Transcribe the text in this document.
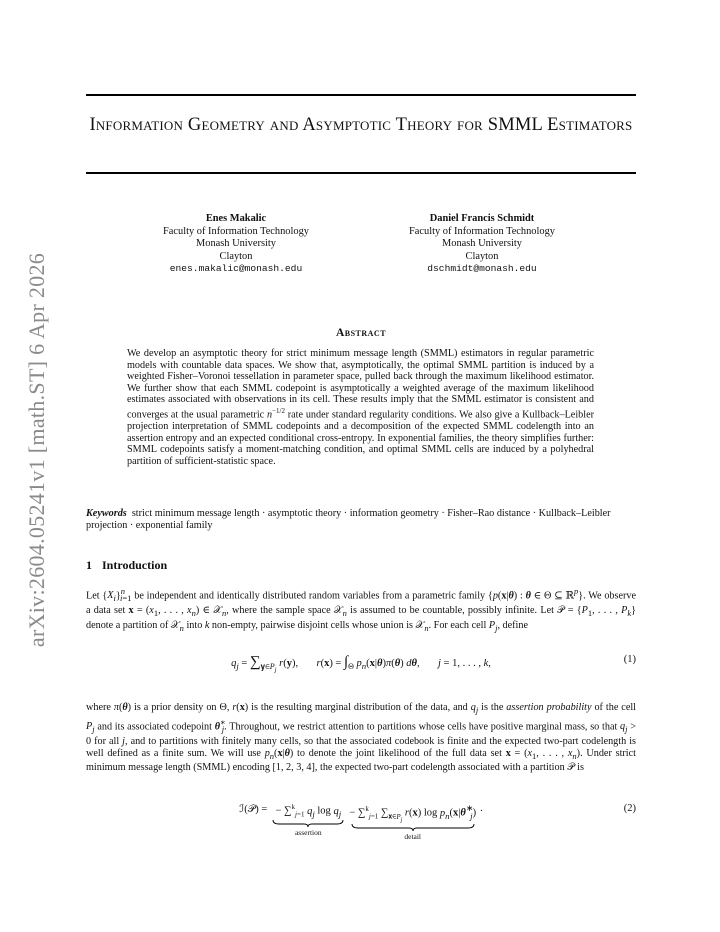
arXiv:2604.05241v1 [math.ST] 6 Apr 2026
Information Geometry and Asymptotic Theory for SMML Estimators
Enes Makalic
Faculty of Information Technology
Monash University
Clayton
enes.makalic@monash.edu
Daniel Francis Schmidt
Faculty of Information Technology
Monash University
Clayton
dschmidt@monash.edu
Abstract
We develop an asymptotic theory for strict minimum message length (SMML) estimators in regular parametric models with countable data spaces. We show that, asymptotically, the optimal SMML partition is induced by a weighted Fisher–Voronoi tessellation in parameter space, pulled back through the maximum likelihood estimator. We further show that each SMML codepoint is asymptotically a weighted average of the maximum likelihood estimates associated with observations in its cell. These results imply that the SMML estimator is consistent and converges at the usual parametric $n^{-1/2}$ rate under standard regularity conditions. We also give a Kullback–Leibler projection interpretation of SMML codepoints and a decomposition of the expected SMML codelength into an assertion entropy and an expected conditional cross-entropy. In exponential families, the theory simplifies further: SMML codepoints satisfy a moment-matching condition, and optimal SMML cells are induced by a polyhedral partition of sufficient-statistic space.
Keywords strict minimum message length · asymptotic theory · information geometry · Fisher–Rao distance · Kullback–Leibler projection · exponential family
1 Introduction
Let $\{X_i\}^n_{i=1}$ be independent and identically distributed random variables from a parametric family {p(x|θ) : θ ∈ Θ ⊆ ℝ$^p$}. We observe a data set $x = (x_1$, . . . , $x_n$) ∈ 𝒳$_n$, where the sample space 𝒳$_n$ is assumed to be countable, possibly infinite. Let 𝒫 = {$P_1$, . . . , $P_k$} denote a partition of 𝒳$_n$ into k non-empty, pairwise disjoint cells whose union is 𝒳$_n$. For each cell $P_j$, define
$q_j = \sum_{𝐲\in P_j}$ r(y),       $r(x) = \int_\Theta$ $p_n(x|\theta)\pi(\theta)$ dθ,       j = 1, . . . , k,	(1)
where π(θ) is a prior density on Θ, r(x) is the resulting marginal distribution of the data, and $q_j$ is the assertion probability of the cell $P_j$ and its associated codepoint $\theta^∗_j$. Throughout, we restrict attention to partitions whose cells have positive marginal mass, so that $q_j > 0$ for all j, and to partitions with finitely many cells, so that the associated codebook is finite and the expected two-part codelength is well defined as a finite sum. We will use $p_n(x|\theta)$ to denote the joint likelihood of the full data set $x = (x_1$, . . . , $x_n$). Under strict minimum message length (SMML) encoding [1, 2, 3, 4], the expected two-part codelength associated with a partition 𝒫 is
ℐ(𝒫) = − ∑$^k_{j=1}$ $q_j$ $\log q_j$
assertion
− ∑$^k_{j=1}$ $\sum_{𝐱\in P_j}$ r(x) $\log p_n(x|\theta^∗_j)$
detail
.	(2)
